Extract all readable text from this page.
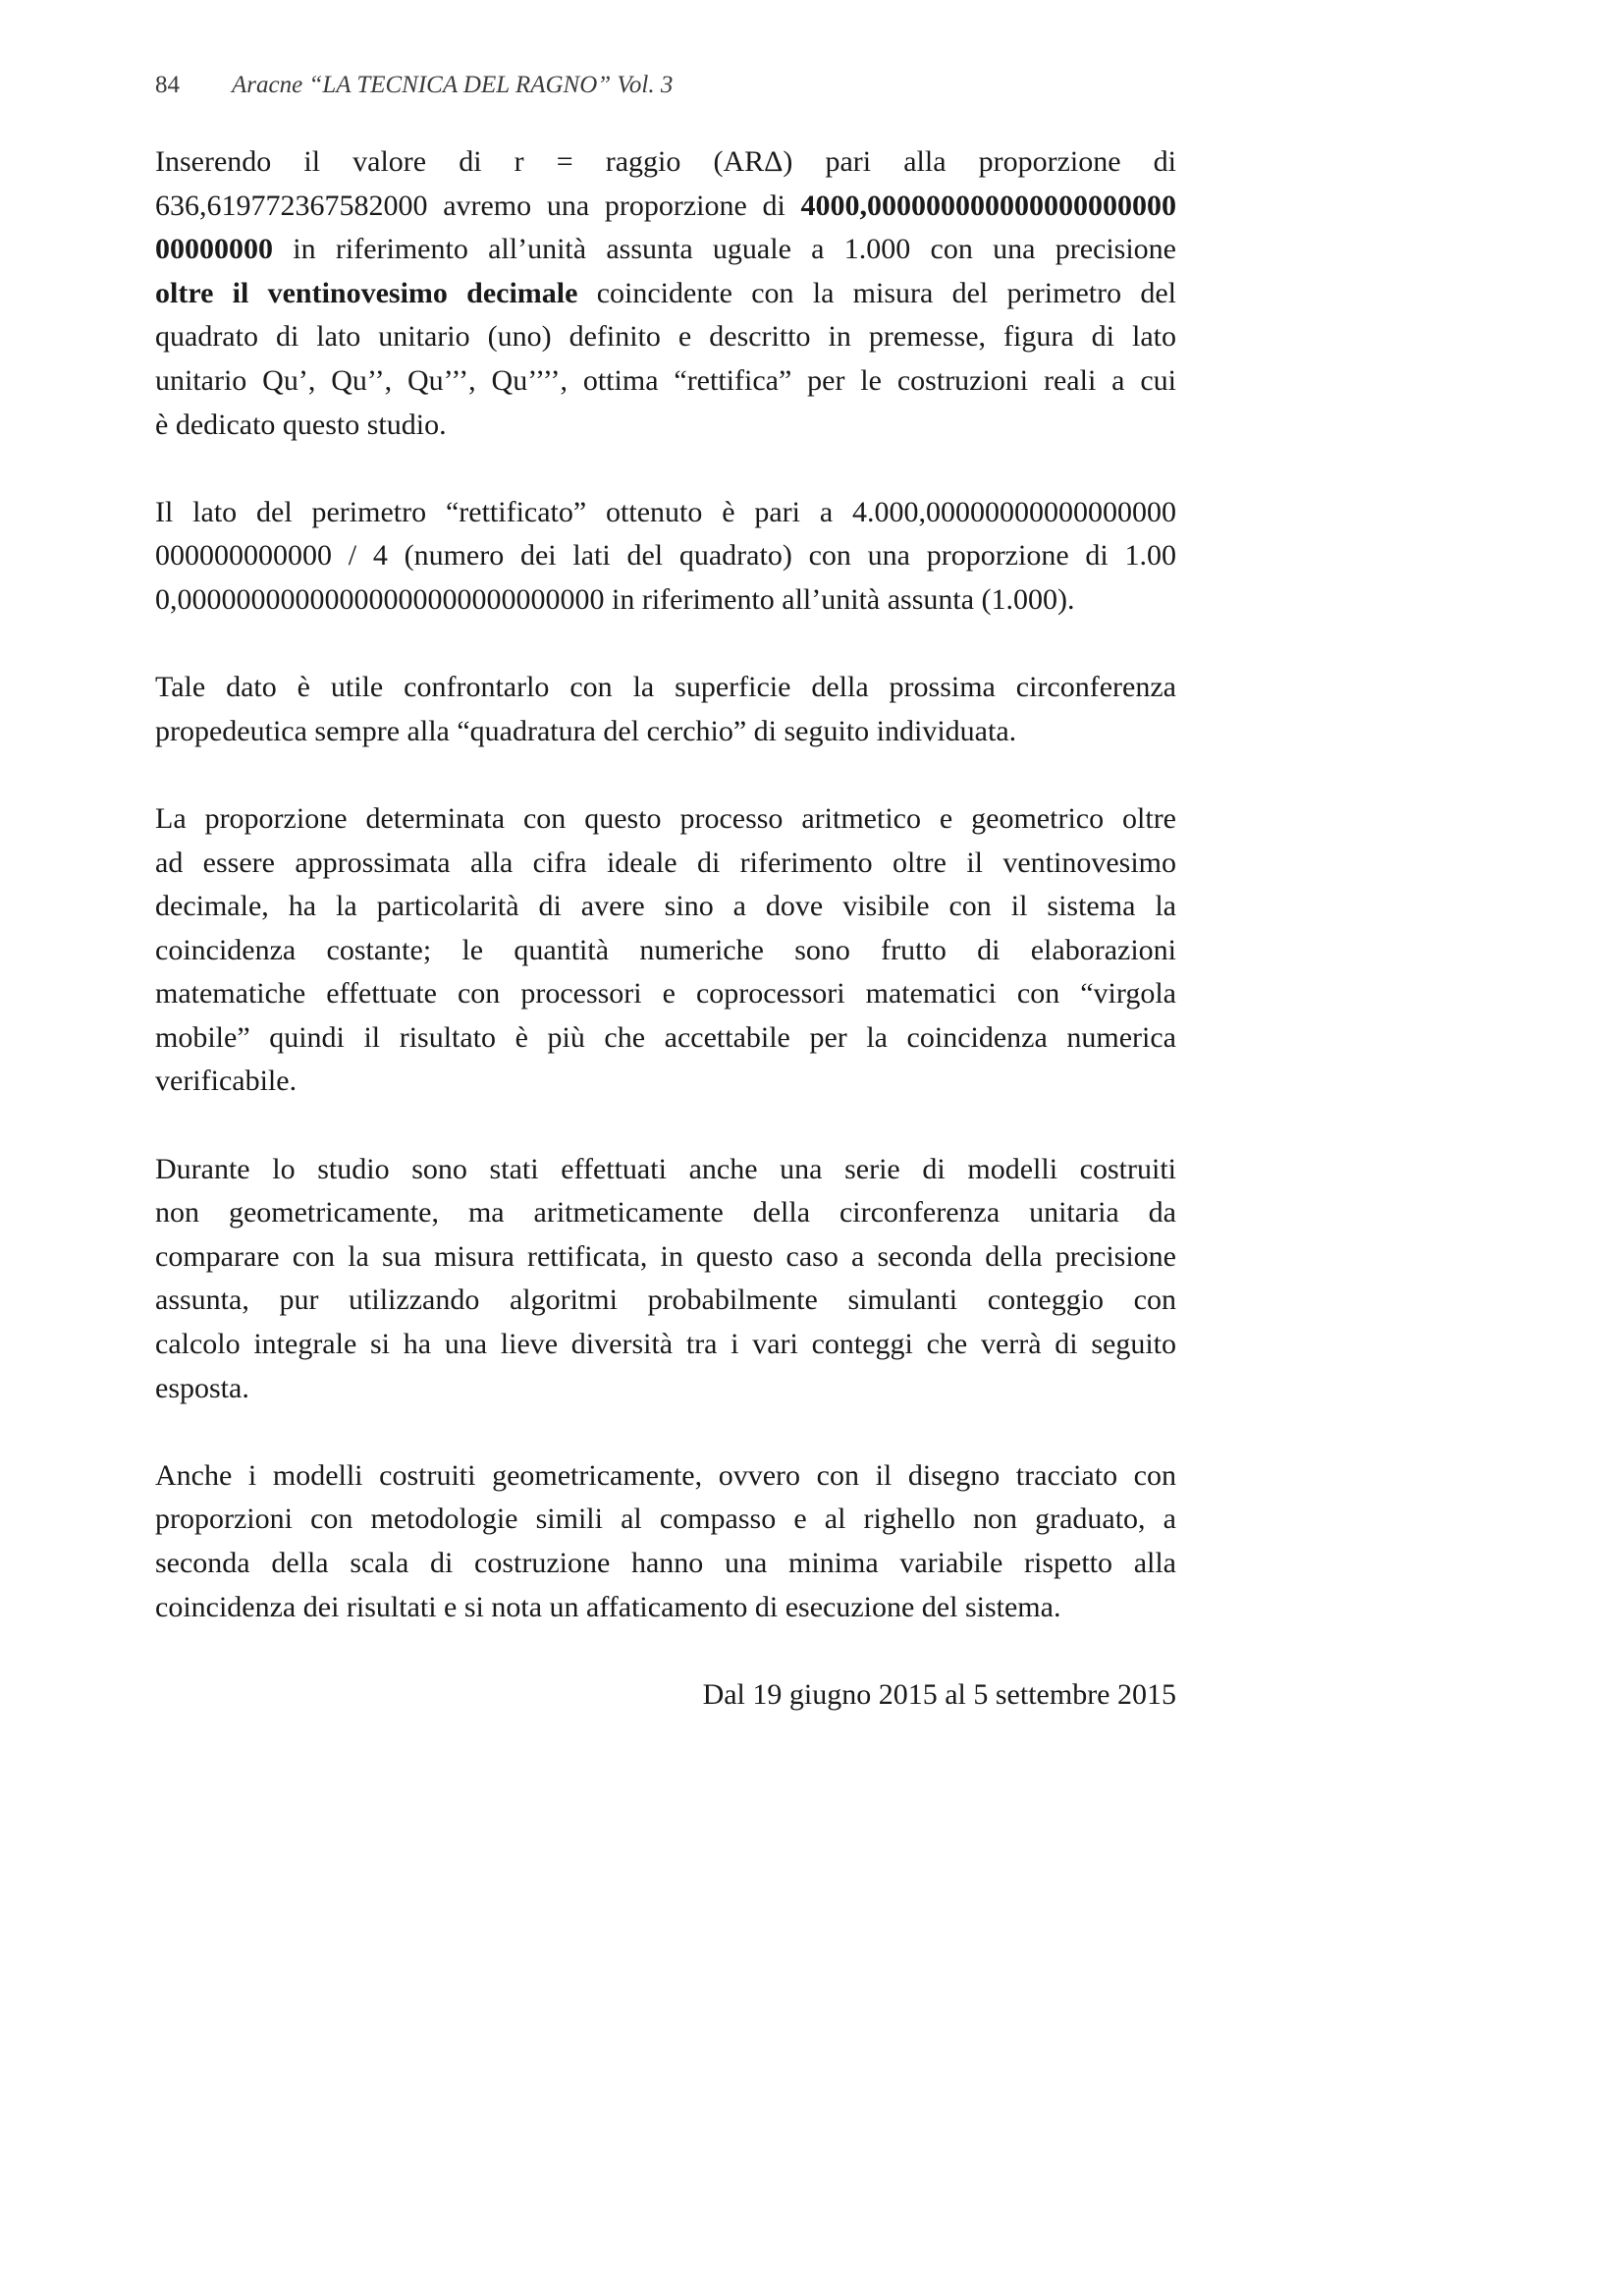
84 Aracne “LA TECNICA DEL RAGNO” Vol. 3

Inserendo il valore di r = raggio (ARΔ) pari alla proporzione di
636,619772367582000 avremo una proporzione di 4000,000000000000000000000
00000000 in riferimento all’unità assunta uguale a 1.000 con una precisione
oltre il ventinovesimo decimale coincidente con la misura del perimetro del
quadrato di lato unitario (uno) definito e descritto in premesse, figura di lato
unitario Qu’, Qu’’, Qu’’’, Qu’’’’, ottima “rettifica” per le costruzioni reali a cui
è dedicato questo studio.

Il lato del perimetro “rettificato” ottenuto è pari a 4.000,00000000000000000
000000000000 / 4 (numero dei lati del quadrato) con una proporzione di 1.00
0,00000000000000000000000000000 in riferimento all’unità assunta (1.000).

Tale dato è utile confrontarlo con la superficie della prossima circonferenza
propedeutica sempre alla “quadratura del cerchio” di seguito individuata.

La proporzione determinata con questo processo aritmetico e geometrico oltre
ad essere approssimata alla cifra ideale di riferimento oltre il ventinovesimo
decimale, ha la particolarità di avere sino a dove visibile con il sistema la
coincidenza costante; le quantità numeriche sono frutto di elaborazioni
matematiche effettuate con processori e coprocessori matematici con “virgola
mobile” quindi il risultato è più che accettabile per la coincidenza numerica
verificabile.

Durante lo studio sono stati effettuati anche una serie di modelli costruiti
non geometricamente, ma aritmeticamente della circonferenza unitaria da
comparare con la sua misura rettificata, in questo caso a seconda della precisione
assunta, pur utilizzando algoritmi probabilmente simulanti conteggio con
calcolo integrale si ha una lieve diversità tra i vari conteggi che verrà di seguito
esposta.

Anche i modelli costruiti geometricamente, ovvero con il disegno tracciato con
proporzioni con metodologie simili al compasso e al righello non graduato, a
seconda della scala di costruzione hanno una minima variabile rispetto alla
coincidenza dei risultati e si nota un affaticamento di esecuzione del sistema.

Dal 19 giugno 2015 al 5 settembre 2015
